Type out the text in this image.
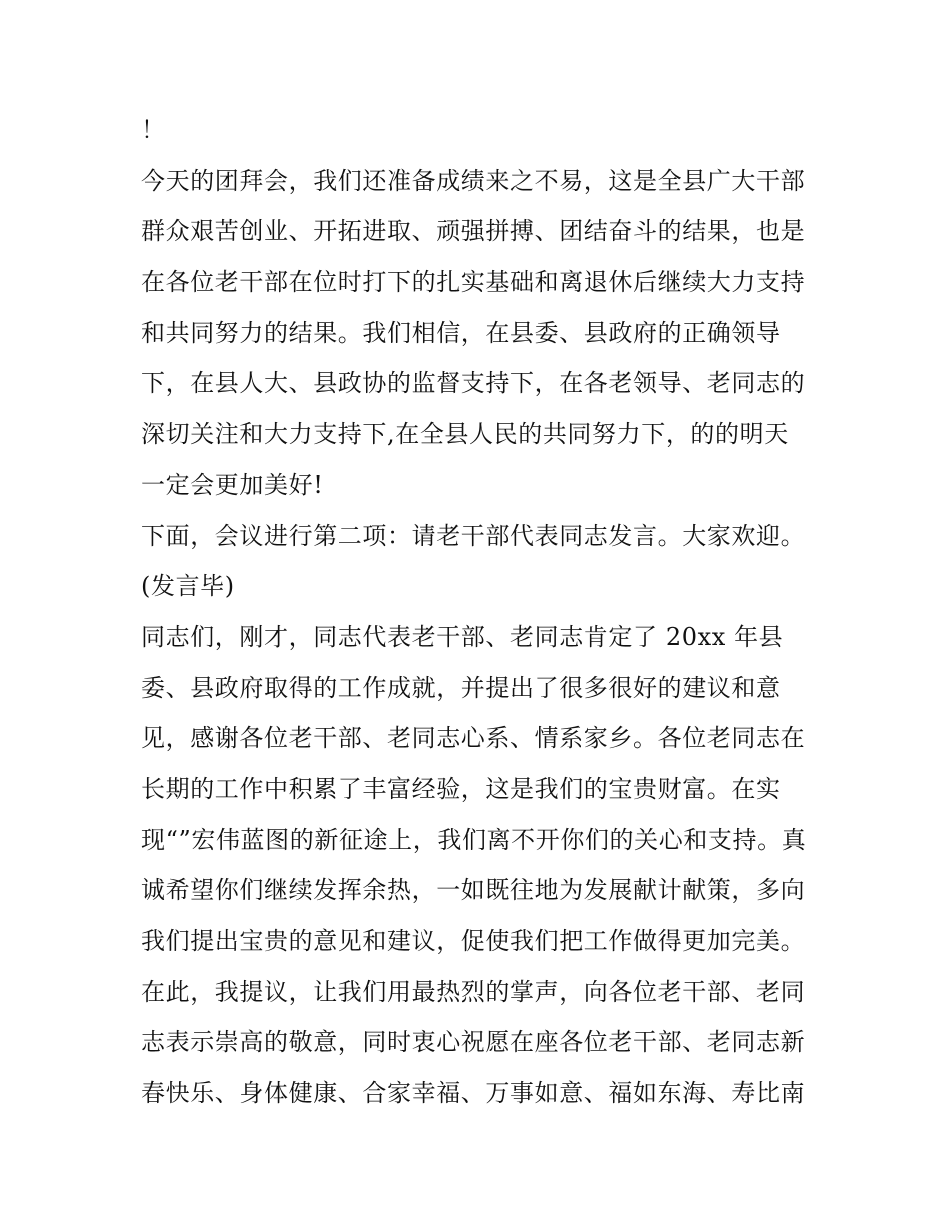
！

今天的团拜会，我们还准备成绩来之不易，这是全县广大干部

群众艰苦创业、开拓进取、顽强拼搏、团结奋斗的结果，也是

在各位老干部在位时打下的扎实基础和离退休后继续大力支持

和共同努力的结果。我们相信，在县委、县政府的正确领导

下，在县人大、县政协的监督支持下，在各老领导、老同志的

深切关注和大力支持下,在全县人民的共同努力下，的的明天

一定会更加美好!

下面，会议进行第二项：请老干部代表同志发言。大家欢迎。

(发言毕)

同志们，刚才，同志代表老干部、老同志肯定了 20xx 年县

委、县政府取得的工作成就，并提出了很多很好的建议和意

见，感谢各位老干部、老同志心系、情系家乡。各位老同志在

长期的工作中积累了丰富经验，这是我们的宝贵财富。在实

现“”宏伟蓝图的新征途上，我们离不开你们的关心和支持。真

诚希望你们继续发挥余热，一如既往地为发展献计献策，多向

我们提出宝贵的意见和建议，促使我们把工作做得更加完美。

在此，我提议，让我们用最热烈的掌声，向各位老干部、老同

志表示崇高的敬意，同时衷心祝愿在座各位老干部、老同志新

春快乐、身体健康、合家幸福、万事如意、福如东海、寿比南
